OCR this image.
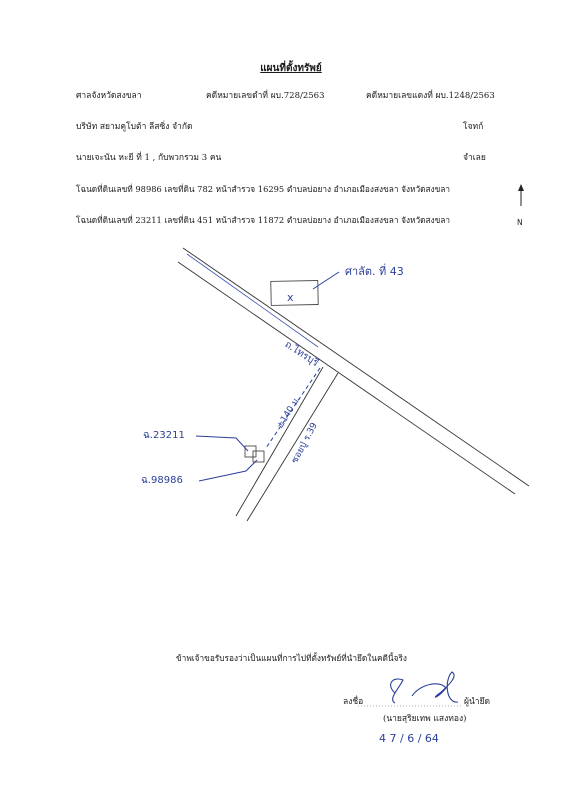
แผนที่ตั้งทรัพย์
ศาลจังหวัดสงขลา	คดีหมายเลขดำที่ ผบ.728/2563	คดีหมายเลขแดงที่ ผบ.1248/2563
บริษัท สยามคูโบต้า ลีสซิ่ง จำกัด	โจทก์
นายเจะนัน หะยี ที่ 1 , กับพวกรวม 3 คน	จำเลย
โฉนดที่ดินเลขที่ 98986 เลขที่ดิน 782 หน้าสำรวจ 16295 ตำบลบ่อยาง อำเภอเมืองสงขลา จังหวัดสงขลา
โฉนดที่ดินเลขที่ 23211 เลขที่ดิน 451 หน้าสำรวจ 11872 ตำบลบ่อยาง อำเภอเมืองสงขลา จังหวัดสงขลา	N
x
ศาลัต. ที่ 43
ถ.ไทรบุรี
±140 ม.
ซอยปู่ ร.39
ฉ.23211
ฉ.98986
ข้าพเจ้าขอรับรองว่าเป็นแผนที่การไปที่ตั้งทรัพย์ที่นำยึดในคดีนี้จริง
ลงชื่อ	ผู้นำยึด
(นายสุริยเทพ แสงทอง)
4 7 / 6 / 64
